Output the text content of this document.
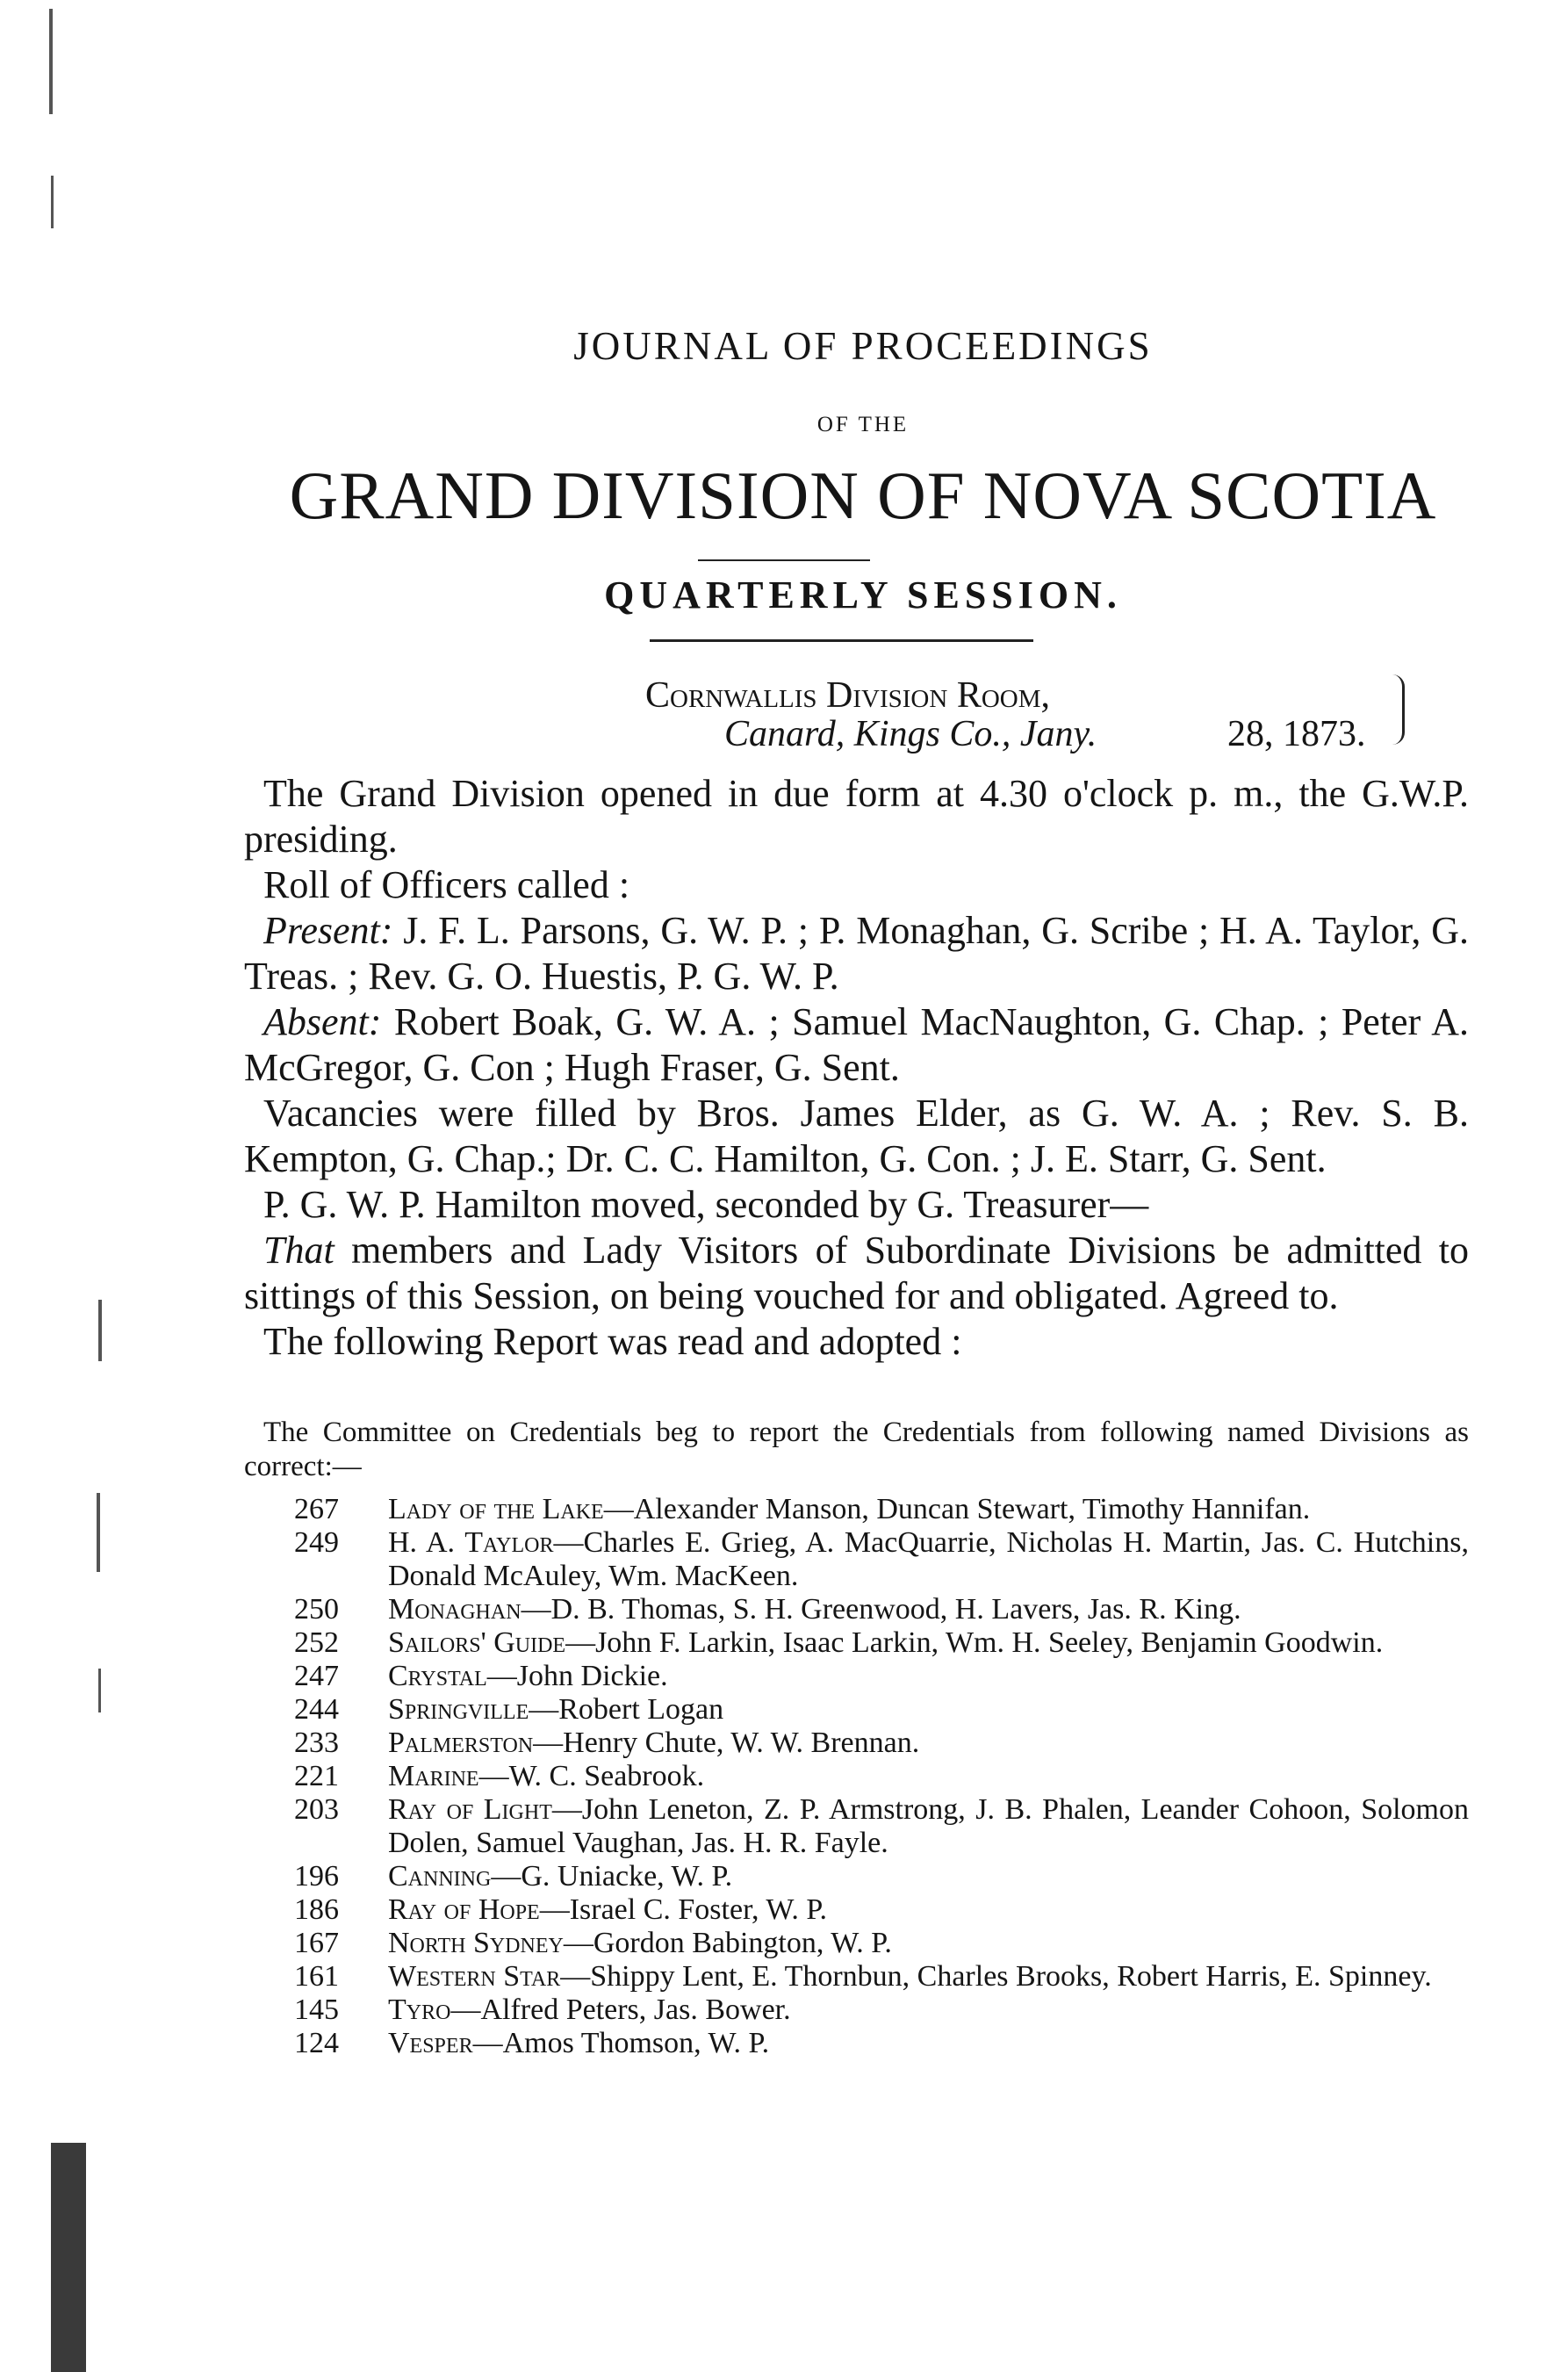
JOURNAL OF PROCEEDINGS
OF THE
GRAND DIVISION OF NOVA SCOTIA
QUARTERLY SESSION.
Cornwallis Division Room,
Canard, Kings Co., Jany.	28, 1873.

The Grand Division opened in due form at 4.30 o'clock p. m., the G.W.P. presiding.

Roll of Officers called :

Present: J. F. L. Parsons, G. W. P. ; P. Monaghan, G. Scribe ; H. A. Taylor, G. Treas. ; Rev. G. O. Huestis, P. G. W. P.

Absent: Robert Boak, G. W. A. ; Samuel MacNaughton, G. Chap. ; Peter A. McGregor, G. Con ; Hugh Fraser, G. Sent.

Vacancies were filled by Bros. James Elder, as G. W. A. ; Rev. S. B. Kempton, G. Chap.; Dr. C. C. Hamilton, G. Con. ; J. E. Starr, G. Sent.

P. G. W. P. Hamilton moved, seconded by G. Treasurer—

That members and Lady Visitors of Subordinate Divisions be admitted to sittings of this Session, on being vouched for and obligated. Agreed to.

The following Report was read and adopted :

The Committee on Credentials beg to report the Credentials from following named Divisions as correct:—

267 Lady of the Lake—Alexander Manson, Duncan Stewart, Timothy Hannifan.
249 H. A. Taylor—Charles E. Grieg, A. MacQuarrie, Nicholas H. Martin, Jas. C. Hutchins, Donald McAuley, Wm. MacKeen.
250 Monaghan—D. B. Thomas, S. H. Greenwood, H. Lavers, Jas. R. King.
252 Sailors' Guide—John F. Larkin, Isaac Larkin, Wm. H. Seeley, Benjamin Goodwin.
247 Crystal—John Dickie.
244 Springville—Robert Logan
233 Palmerston—Henry Chute, W. W. Brennan.
221 Marine—W. C. Seabrook.
203 Ray of Light—John Leneton, Z. P. Armstrong, J. B. Phalen, Leander Cohoon, Solomon Dolen, Samuel Vaughan, Jas. H. R. Fayle.
196 Canning—G. Uniacke, W. P.
186 Ray of Hope—Israel C. Foster, W. P.
167 North Sydney—Gordon Babington, W. P.
161 Western Star—Shippy Lent, E. Thornbun, Charles Brooks, Robert Harris, E. Spinney.
145 Tyro—Alfred Peters, Jas. Bower.
124 Vesper—Amos Thomson, W. P.
